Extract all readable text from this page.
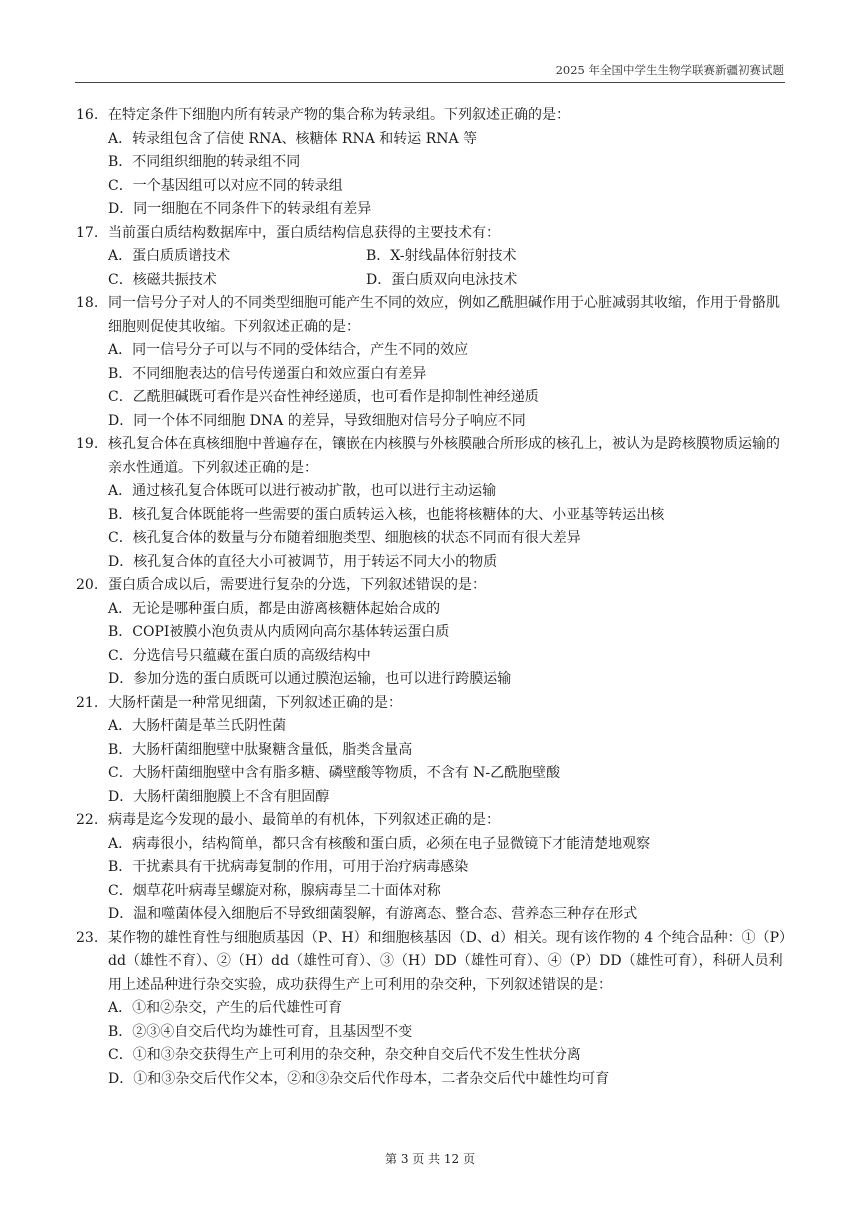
2025 年全国中学生生物学联赛新疆初赛试题
16. 在特定条件下细胞内所有转录产物的集合称为转录组。下列叙述正确的是：
A．转录组包含了信使 RNA、核糖体 RNA 和转运 RNA 等
B．不同组织细胞的转录组不同
C．一个基因组可以对应不同的转录组
D．同一细胞在不同条件下的转录组有差异
17. 当前蛋白质结构数据库中，蛋白质结构信息获得的主要技术有：
A．蛋白质质谱技术	B．X-射线晶体衍射技术
C．核磁共振技术	D．蛋白质双向电泳技术
18. 同一信号分子对人的不同类型细胞可能产生不同的效应，例如乙酰胆碱作用于心脏减弱其收缩，作用于骨骼肌细胞则促使其收缩。下列叙述正确的是：
A．同一信号分子可以与不同的受体结合，产生不同的效应
B．不同细胞表达的信号传递蛋白和效应蛋白有差异
C．乙酰胆碱既可看作是兴奋性神经递质，也可看作是抑制性神经递质
D．同一个体不同细胞 DNA 的差异，导致细胞对信号分子响应不同
19. 核孔复合体在真核细胞中普遍存在，镶嵌在内核膜与外核膜融合所形成的核孔上，被认为是跨核膜物质运输的亲水性通道。下列叙述正确的是：
A．通过核孔复合体既可以进行被动扩散，也可以进行主动运输
B．核孔复合体既能将一些需要的蛋白质转运入核，也能将核糖体的大、小亚基等转运出核
C．核孔复合体的数量与分布随着细胞类型、细胞核的状态不同而有很大差异
D．核孔复合体的直径大小可被调节，用于转运不同大小的物质
20. 蛋白质合成以后，需要进行复杂的分选，下列叙述错误的是：
A．无论是哪种蛋白质，都是由游离核糖体起始合成的
B．COPI被膜小泡负责从内质网向高尔基体转运蛋白质
C．分选信号只蕴藏在蛋白质的高级结构中
D．参加分选的蛋白质既可以通过膜泡运输，也可以进行跨膜运输
21. 大肠杆菌是一种常见细菌，下列叙述正确的是：
A．大肠杆菌是革兰氏阴性菌
B．大肠杆菌细胞壁中肽聚糖含量低，脂类含量高
C．大肠杆菌细胞壁中含有脂多糖、磷壁酸等物质，不含有 N-乙酰胞壁酸
D．大肠杆菌细胞膜上不含有胆固醇
22. 病毒是迄今发现的最小、最简单的有机体，下列叙述正确的是：
A．病毒很小，结构简单，都只含有核酸和蛋白质，必须在电子显微镜下才能清楚地观察
B．干扰素具有干扰病毒复制的作用，可用于治疗病毒感染
C．烟草花叶病毒呈螺旋对称，腺病毒呈二十面体对称
D．温和噬菌体侵入细胞后不导致细菌裂解，有游离态、整合态、营养态三种存在形式
23. 某作物的雄性育性与细胞质基因（P、H）和细胞核基因（D、d）相关。现有该作物的 4 个纯合品种：①（P）dd（雄性不育）、②（H）dd（雄性可育）、③（H）DD（雄性可育）、④（P）DD（雄性可育），科研人员利用上述品种进行杂交实验，成功获得生产上可利用的杂交种，下列叙述错误的是：
A．①和②杂交，产生的后代雄性可育
B．②③④自交后代均为雄性可育，且基因型不变
C．①和③杂交获得生产上可利用的杂交种，杂交种自交后代不发生性状分离
D．①和③杂交后代作父本，②和③杂交后代作母本，二者杂交后代中雄性均可育
第 3 页 共 12 页
